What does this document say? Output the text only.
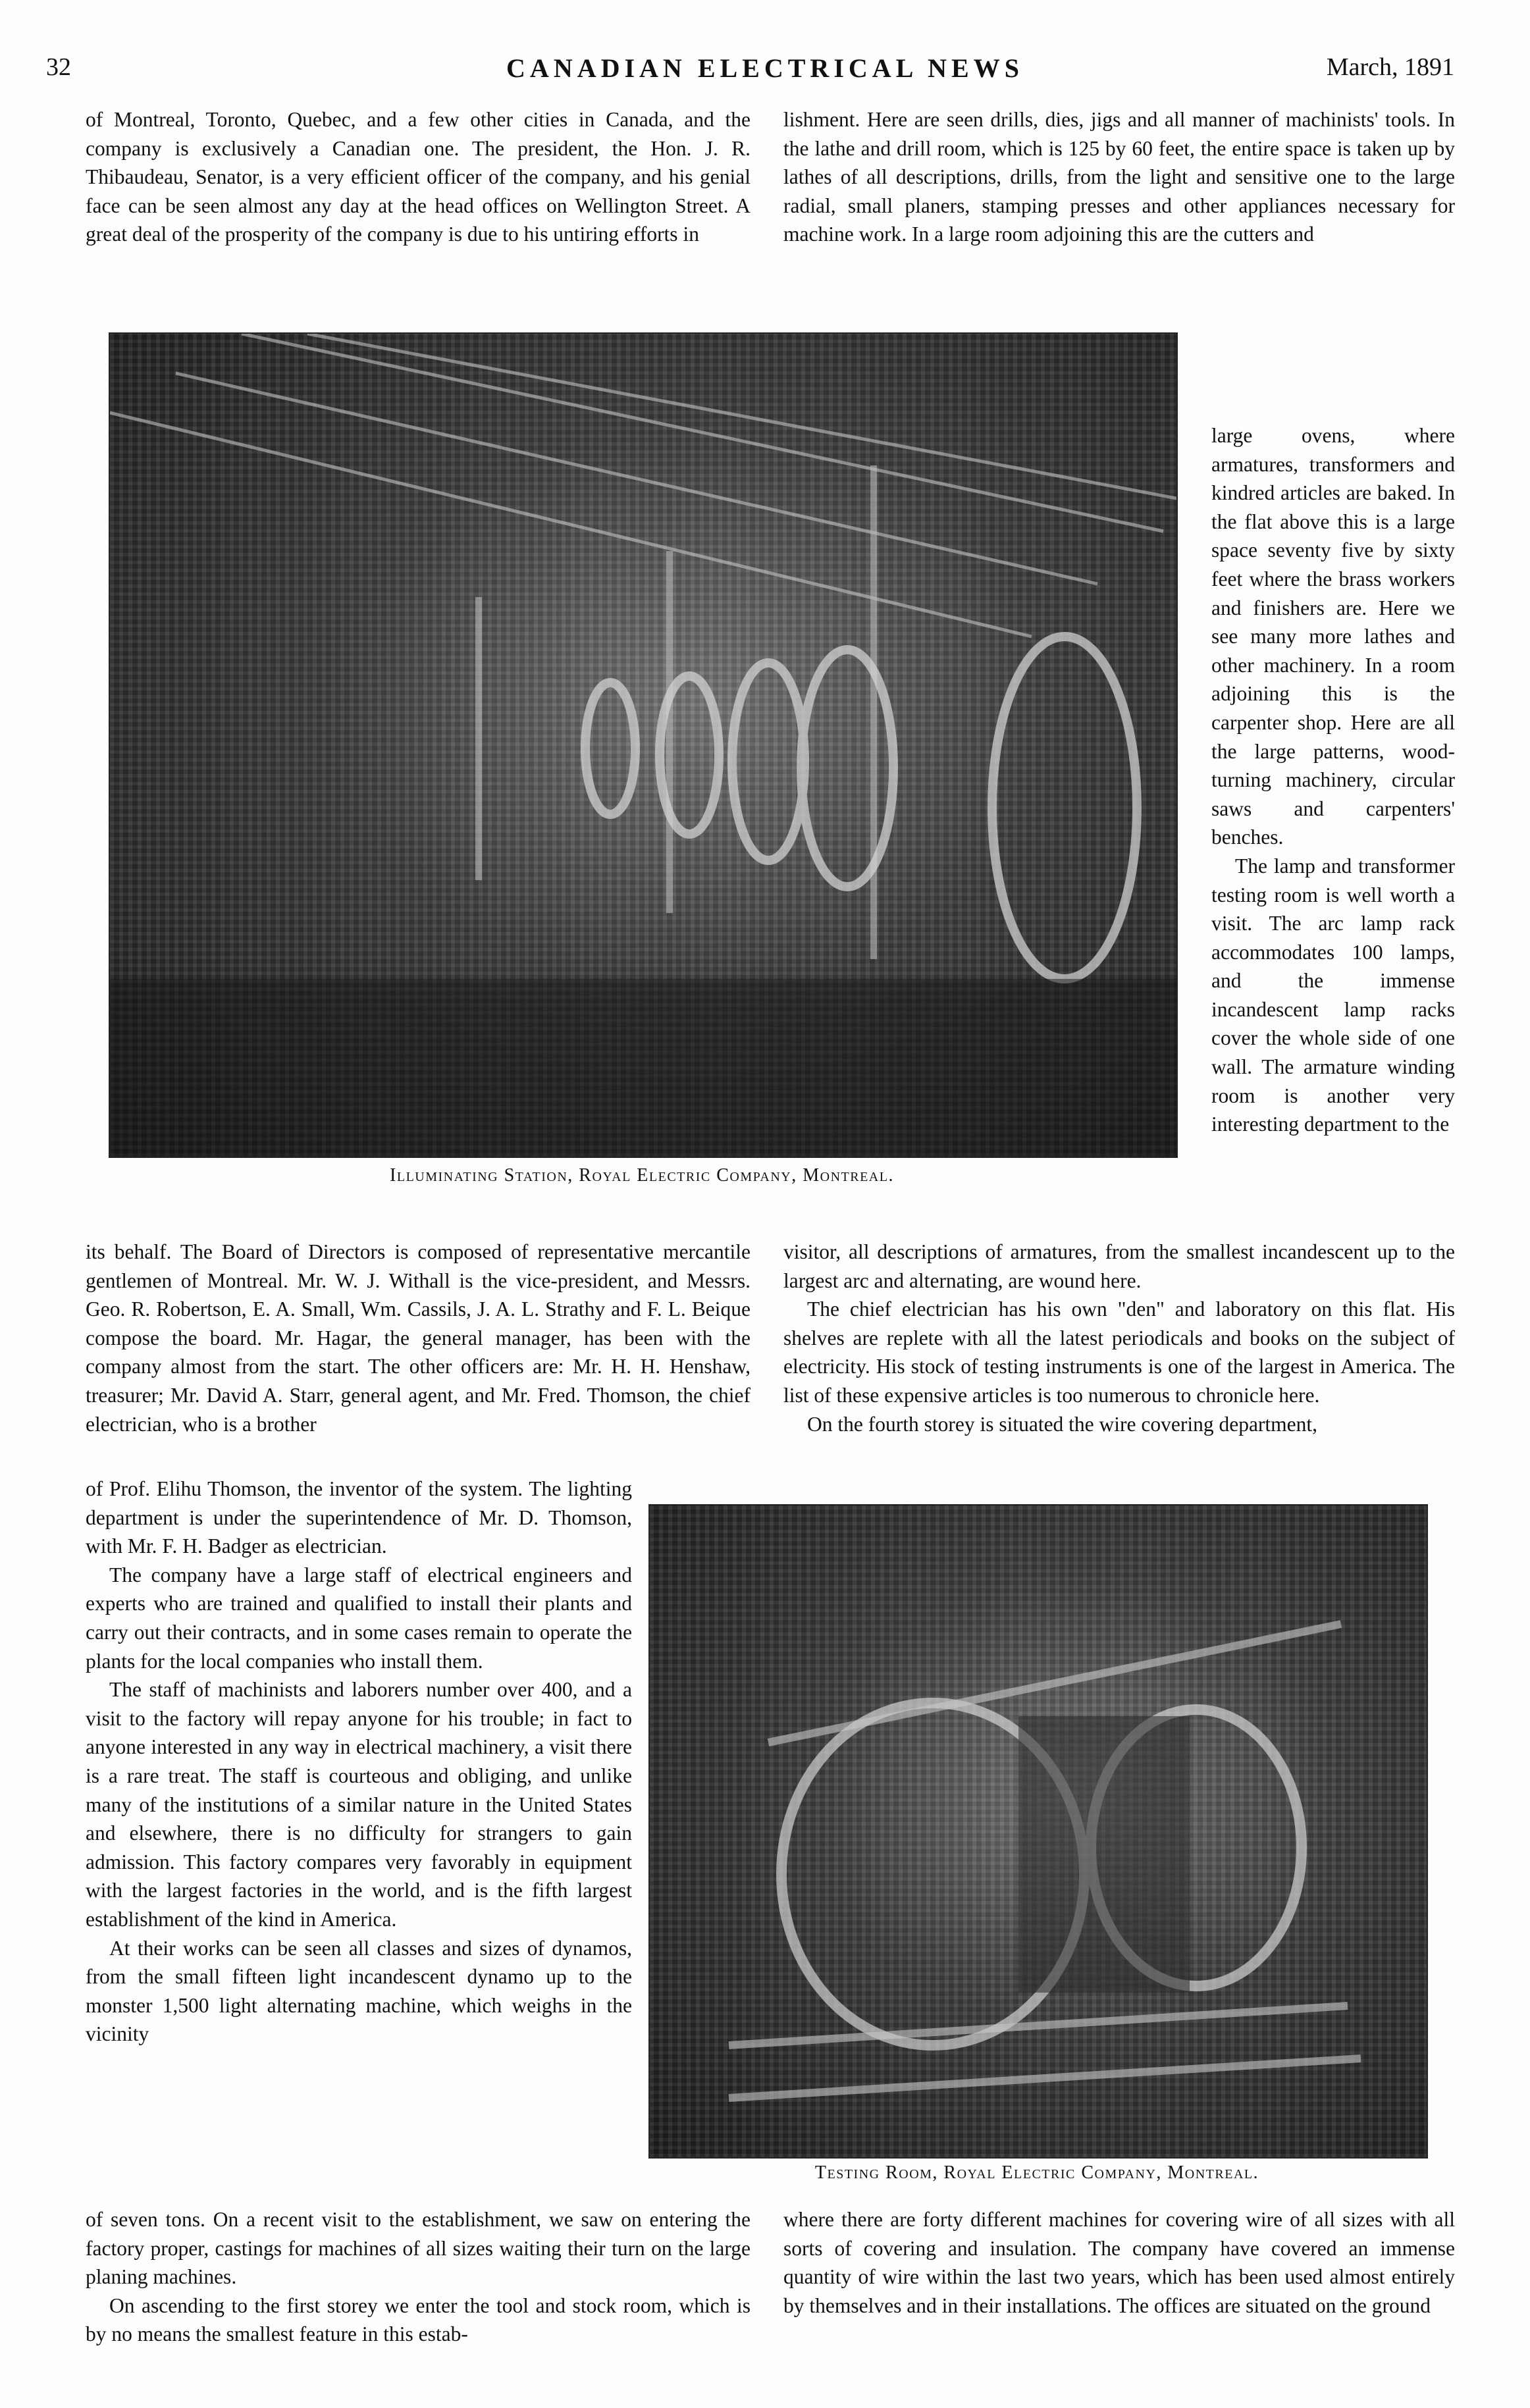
32	CANADIAN ELECTRICAL NEWS	March, 1891

of Montreal, Toronto, Quebec, and a few other cities in Canada, and the company is exclusively a Canadian one. The president, the Hon. J. R. Thibaudeau, Senator, is a very efficient officer of the company, and his genial face can be seen almost any day at the head offices on Wellington Street. A great deal of the prosperity of the company is due to his untiring efforts in

lishment. Here are seen drills, dies, jigs and all manner of machinists' tools. In the lathe and drill room, which is 125 by 60 feet, the entire space is taken up by lathes of all descriptions, drills, from the light and sensitive one to the large radial, small planers, stamping presses and other appliances necessary for machine work. In a large room adjoining this are the cutters and

Illuminating Station, Royal Electric Company, Montreal.

large ovens, where armatures, transformers and kindred articles are baked. In the flat above this is a large space seventy five by sixty feet where the brass workers and finishers are. Here we see many more lathes and other machinery. In a room adjoining this is the carpenter shop. Here are all the large patterns, wood-turning machinery, circular saws and carpenters' benches.

The lamp and transformer testing room is well worth a visit. The arc lamp rack accommodates 100 lamps, and the immense incandescent lamp racks cover the whole side of one wall. The armature winding room is another very interesting department to the

its behalf. The Board of Directors is composed of representative mercantile gentlemen of Montreal. Mr. W. J. Withall is the vice-president, and Messrs. Geo. R. Robertson, E. A. Small, Wm. Cassils, J. A. L. Strathy and F. L. Beique compose the board. Mr. Hagar, the general manager, has been with the company almost from the start. The other officers are: Mr. H. H. Henshaw, treasurer; Mr. David A. Starr, general agent, and Mr. Fred. Thomson, the chief electrician, who is a brother

visitor, all descriptions of armatures, from the smallest incandescent up to the largest arc and alternating, are wound here.

The chief electrician has his own "den" and laboratory on this flat. His shelves are replete with all the latest periodicals and books on the subject of electricity. His stock of testing instruments is one of the largest in America. The list of these expensive articles is too numerous to chronicle here.

On the fourth storey is situated the wire covering department,

of Prof. Elihu Thomson, the inventor of the system. The lighting department is under the superintendence of Mr. D. Thomson, with Mr. F. H. Badger as electrician.

The company have a large staff of electrical engineers and experts who are trained and qualified to install their plants and carry out their contracts, and in some cases remain to operate the plants for the local companies who install them.

The staff of machinists and laborers number over 400, and a visit to the factory will repay anyone for his trouble; in fact to anyone interested in any way in electrical machinery, a visit there is a rare treat. The staff is courteous and obliging, and unlike many of the institutions of a similar nature in the United States and elsewhere, there is no difficulty for strangers to gain admission. This factory compares very favorably in equipment with the largest factories in the world, and is the fifth largest establishment of the kind in America.

At their works can be seen all classes and sizes of dynamos, from the small fifteen light incandescent dynamo up to the monster 1,500 light alternating machine, which weighs in the vicinity

Testing Room, Royal Electric Company, Montreal.

of seven tons. On a recent visit to the establishment, we saw on entering the factory proper, castings for machines of all sizes waiting their turn on the large planing machines.

On ascending to the first storey we enter the tool and stock room, which is by no means the smallest feature in this estab-

where there are forty different machines for covering wire of all sizes with all sorts of covering and insulation. The company have covered an immense quantity of wire within the last two years, which has been used almost entirely by themselves and in their installations. The offices are situated on the ground
